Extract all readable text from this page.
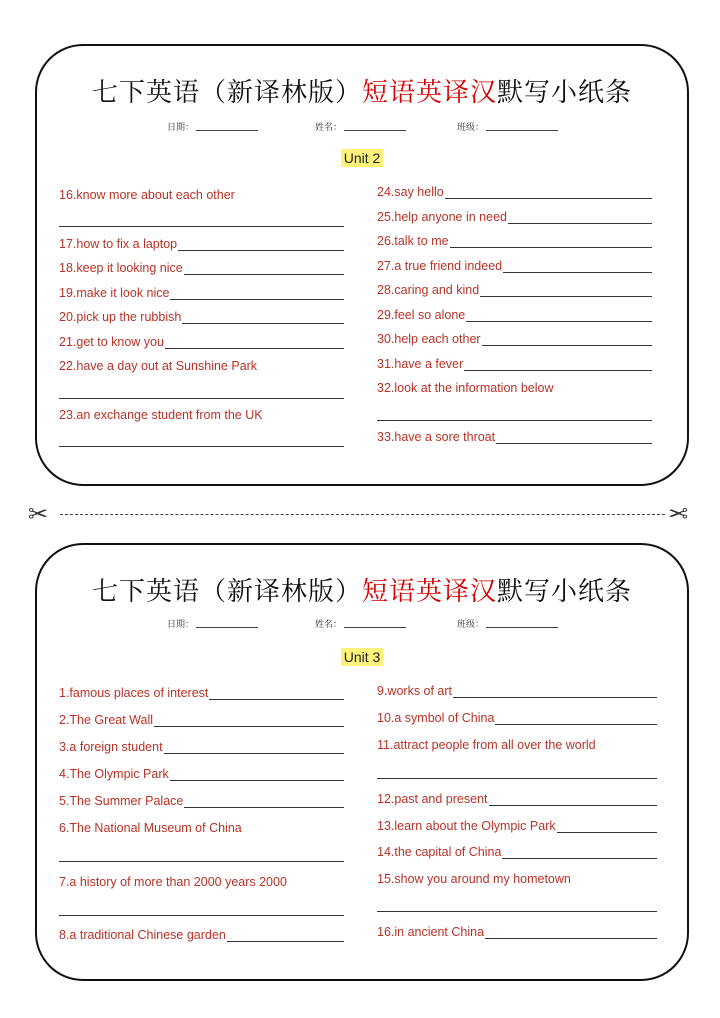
七下英语（新译林版）短语英译汉默写小纸条
日期：	姓名：	班级：
Unit 2
16.know more about each other
17.how to fix a laptop
18.keep it looking nice
19.make it look nice
20.pick up the rubbish
21.get to know you
22.have a day out at Sunshine Park
23.an exchange student from the UK
24.say hello
25.help anyone in need
26.talk to me
27.a true friend indeed
28.caring and kind
29.feel so alone
30.help each other
31.have a fever
32.look at the information below
33.have a sore throat
✂	✂
七下英语（新译林版）短语英译汉默写小纸条
日期：	姓名：	班级：
Unit 3
1.famous places of interest
2.The Great Wall
3.a foreign student
4.The Olympic Park
5.The Summer Palace
6.The National Museum of China
7.a history of more than 2000 years 2000
8.a traditional Chinese garden
9.works of art
10.a symbol of China
11.attract people from all over the world
12.past and present
13.learn about the Olympic Park
14.the capital of China
15.show you around my hometown
16.in ancient China
